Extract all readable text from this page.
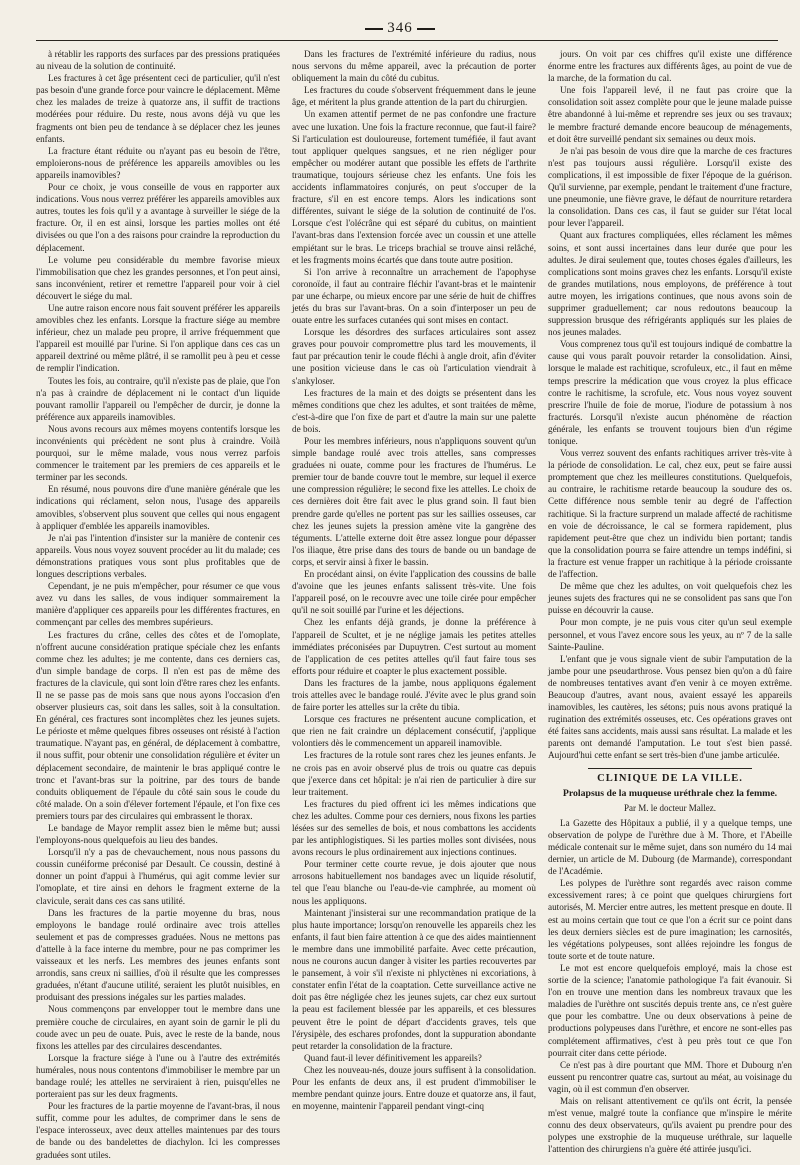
346

à rétablir les rapports des surfaces par des pressions pratiquées au niveau de la solution de continuité.

Les fractures à cet âge présentent ceci de particulier, qu'il n'est pas besoin d'une grande force pour vaincre le déplacement. Même chez les malades de treize à quatorze ans, il suffit de tractions modérées pour réduire. Du reste, nous avons déjà vu que les fragments ont bien peu de tendance à se déplacer chez les jeunes enfants.

La fracture étant réduite ou n'ayant pas eu besoin de l'être, emploierons-nous de préférence les appareils amovibles ou les appareils inamovibles?

Pour ce choix, je vous conseille de vous en rapporter aux indications. Vous nous verrez préférer les appareils amovibles aux autres, toutes les fois qu'il y a avantage à surveiller le siége de la fracture. Or, il en est ainsi, lorsque les parties molles ont été divisées ou que l'on a des raisons pour craindre la reproduction du déplacement.

Le volume peu considérable du membre favorise mieux l'immobilisation que chez les grandes personnes, et l'on peut ainsi, sans inconvénient, retirer et remettre l'appareil pour voir à ciel découvert le siége du mal.

Une autre raison encore nous fait souvent préférer les appareils amovibles chez les enfants. Lorsque la fracture siége au membre inférieur, chez un malade peu propre, il arrive fréquemment que l'appareil est mouillé par l'urine. Si l'on applique dans ces cas un appareil dextriné ou même plâtré, il se ramollit peu à peu et cesse de remplir l'indication.

Toutes les fois, au contraire, qu'il n'existe pas de plaie, que l'on n'a pas à craindre de déplacement ni le contact d'un liquide pouvant ramollir l'appareil ou l'empêcher de durcir, je donne la préférence aux appareils inamovibles.

Nous avons recours aux mêmes moyens contentifs lorsque les inconvénients qui précèdent ne sont plus à craindre. Voilà pourquoi, sur le même malade, vous nous verrez parfois commencer le traitement par les premiers de ces appareils et le terminer par les seconds.

En résumé, nous pouvons dire d'une manière générale que les indications qui réclament, selon nous, l'usage des appareils amovibles, s'observent plus souvent que celles qui nous engagent à appliquer d'emblée les appareils inamovibles.

Je n'ai pas l'intention d'insister sur la manière de contenir ces appareils. Vous nous voyez souvent procéder au lit du malade; ces démonstrations pratiques vous sont plus profitables que de longues descriptions verbales.

Cependant, je ne puis m'empêcher, pour résumer ce que vous avez vu dans les salles, de vous indiquer sommairement la manière d'appliquer ces appareils pour les différentes fractures, en commençant par celles des membres supérieurs.

Les fractures du crâne, celles des côtes et de l'omoplate, n'offrent aucune considération pratique spéciale chez les enfants comme chez les adultes; je me contente, dans ces derniers cas, d'un simple bandage de corps. Il n'en est pas de même des fractures de la clavicule, qui sont loin d'être rares chez les enfants. Il ne se passe pas de mois sans que nous ayons l'occasion d'en observer plusieurs cas, soit dans les salles, soit à la consultation. En général, ces fractures sont incomplètes chez les jeunes sujets. Le périoste et même quelques fibres osseuses ont résisté à l'action traumatique. N'ayant pas, en général, de déplacement à combattre, il nous suffit, pour obtenir une consolidation régulière et éviter un déplacement secondaire, de maintenir le bras appliqué contre le tronc et l'avant-bras sur la poitrine, par des tours de bande conduits obliquement de l'épaule du côté sain sous le coude du côté malade. On a soin d'élever fortement l'épaule, et l'on fixe ces premiers tours par des circulaires qui embrassent le thorax.

Le bandage de Mayor remplit assez bien le même but; aussi l'employons-nous quelquefois au lieu des bandes.

Lorsqu'il n'y a pas de chevauchement, nous nous passons du coussin cunéiforme préconisé par Desault. Ce coussin, destiné à donner un point d'appui à l'humérus, qui agit comme levier sur l'omoplate, et tire ainsi en dehors le fragment externe de la clavicule, serait dans ces cas sans utilité.

Dans les fractures de la partie moyenne du bras, nous employons le bandage roulé ordinaire avec trois attelles seulement et pas de compresses graduées. Nous ne mettons pas d'attelle à la face interne du membre, pour ne pas comprimer les vaisseaux et les nerfs. Les membres des jeunes enfants sont arrondis, sans creux ni saillies, d'où il résulte que les compresses graduées, n'étant d'aucune utilité, seraient les plutôt nuisibles, en produisant des pressions inégales sur les parties malades.

Nous commençons par envelopper tout le membre dans une première couche de circulaires, en ayant soin de garnir le pli du coude avec un peu de ouate. Puis, avec le reste de la bande, nous fixons les attelles par des circulaires descendantes.

Lorsque la fracture siége à l'une ou à l'autre des extrémités humérales, nous nous contentons d'immobiliser le membre par un bandage roulé; les attelles ne serviraient à rien, puisqu'elles ne porteraient pas sur les deux fragments.

Pour les fractures de la partie moyenne de l'avant-bras, il nous suffit, comme pour les adultes, de comprimer dans le sens de l'espace interosseux, avec deux attelles maintenues par des tours de bande ou des bandelettes de diachylon. Ici les compresses graduées sont utiles.

Dans les fractures de l'extrémité inférieure du radius, nous nous servons du même appareil, avec la précaution de porter obliquement la main du côté du cubitus.

Les fractures du coude s'observent fréquemment dans le jeune âge, et méritent la plus grande attention de la part du chirurgien.

Un examen attentif permet de ne pas confondre une fracture avec une luxation. Une fois la fracture reconnue, que faut-il faire? Si l'articulation est douloureuse, fortement tuméfiée, il faut avant tout appliquer quelques sangsues, et ne rien négliger pour empêcher ou modérer autant que possible les effets de l'arthrite traumatique, toujours sérieuse chez les enfants. Une fois les accidents inflammatoires conjurés, on peut s'occuper de la fracture, s'il en est encore temps. Alors les indications sont différentes, suivant le siége de la solution de continuité de l'os. Lorsque c'est l'olécrâne qui est séparé du cubitus, on maintient l'avant-bras dans l'extension forcée avec un coussin et une attelle empiétant sur le bras. Le triceps brachial se trouve ainsi relâché, et les fragments moins écartés que dans toute autre position.

Si l'on arrive à reconnaître un arrachement de l'apophyse coronoïde, il faut au contraire fléchir l'avant-bras et le maintenir par une écharpe, ou mieux encore par une série de huit de chiffres jetés du bras sur l'avant-bras. On a soin d'interposer un peu de ouate entre les surfaces cutanées qui sont mises en contact.

Lorsque les désordres des surfaces articulaires sont assez graves pour pouvoir compromettre plus tard les mouvements, il faut par précaution tenir le coude fléchi à angle droit, afin d'éviter une position vicieuse dans le cas où l'articulation viendrait à s'ankyloser.

Les fractures de la main et des doigts se présentent dans les mêmes conditions que chez les adultes, et sont traitées de même, c'est-à-dire que l'on fixe de part et d'autre la main sur une palette de bois.

Pour les membres inférieurs, nous n'appliquons souvent qu'un simple bandage roulé avec trois attelles, sans compresses graduées ni ouate, comme pour les fractures de l'humérus. Le premier tour de bande couvre tout le membre, sur lequel il exerce une compression régulière; le second fixe les attelles. Le choix de ces dernières doit être fait avec le plus grand soin. Il faut bien prendre garde qu'elles ne portent pas sur les saillies osseuses, car chez les jeunes sujets la pression amène vite la gangrène des téguments. L'attelle externe doit être assez longue pour dépasser l'os iliaque, être prise dans des tours de bande ou un bandage de corps, et servir ainsi à fixer le bassin.

En procédant ainsi, on évite l'application des coussins de balle d'avoine que les jeunes enfants salissent très-vite. Une fois l'appareil posé, on le recouvre avec une toile cirée pour empêcher qu'il ne soit souillé par l'urine et les déjections.

Chez les enfants déjà grands, je donne la préférence à l'appareil de Scultet, et je ne néglige jamais les petites attelles immédiates préconisées par Dupuytren. C'est surtout au moment de l'application de ces petites attelles qu'il faut faire tous ses efforts pour réduire et coapter le plus exactement possible.

Dans les fractures de la jambe, nous appliquons également trois attelles avec le bandage roulé. J'évite avec le plus grand soin de faire porter les attelles sur la crête du tibia.

Lorsque ces fractures ne présentent aucune complication, et que rien ne fait craindre un déplacement consécutif, j'applique volontiers dès le commencement un appareil inamovible.

Les fractures de la rotule sont rares chez les jeunes enfants. Je ne crois pas en avoir observé plus de trois ou quatre cas depuis que j'exerce dans cet hôpital: je n'ai rien de particulier à dire sur leur traitement.

Les fractures du pied offrent ici les mêmes indications que chez les adultes. Comme pour ces derniers, nous fixons les parties lésées sur des semelles de bois, et nous combattons les accidents par les antiphlogistiques. Si les parties molles sont divisées, nous avons recours le plus ordinairement aux injections continues.

Pour terminer cette courte revue, je dois ajouter que nous arrosons habituellement nos bandages avec un liquide résolutif, tel que l'eau blanche ou l'eau-de-vie camphrée, au moment où nous les appliquons.

Maintenant j'insisterai sur une recommandation pratique de la plus haute importance; lorsqu'on renouvelle les appareils chez les enfants, il faut bien faire attention à ce que des aides maintiennent le membre dans une immobilité parfaite. Avec cette précaution, nous ne courons aucun danger à visiter les parties recouvertes par le pansement, à voir s'il n'existe ni phlyctènes ni excoriations, à constater enfin l'état de la coaptation. Cette surveillance active ne doit pas être négligée chez les jeunes sujets, car chez eux surtout la peau est facilement blessée par les appareils, et ces blessures peuvent être le point de départ d'accidents graves, tels que l'érysipèle, des eschares profondes, dont la suppuration abondante peut retarder la consolidation de la fracture.

Quand faut-il lever définitivement les appareils?

Chez les nouveau-nés, douze jours suffisent à la consolidation. Pour les enfants de deux ans, il est prudent d'immobiliser le membre pendant quinze jours. Entre douze et quatorze ans, il faut, en moyenne, maintenir l'appareil pendant vingt-cinq

jours. On voit par ces chiffres qu'il existe une différence énorme entre les fractures aux différents âges, au point de vue de la marche, de la formation du cal.

Une fois l'appareil levé, il ne faut pas croire que la consolidation soit assez complète pour que le jeune malade puisse être abandonné à lui-même et reprendre ses jeux ou ses travaux; le membre fracturé demande encore beaucoup de ménagements, et doit être surveillé pendant six semaines ou deux mois.

Je n'ai pas besoin de vous dire que la marche de ces fractures n'est pas toujours aussi régulière. Lorsqu'il existe des complications, il est impossible de fixer l'époque de la guérison. Qu'il survienne, par exemple, pendant le traitement d'une fracture, une pneumonie, une fièvre grave, le défaut de nourriture retardera la consolidation. Dans ces cas, il faut se guider sur l'état local pour lever l'appareil.

Quant aux fractures compliquées, elles réclament les mêmes soins, et sont aussi incertaines dans leur durée que pour les adultes. Je dirai seulement que, toutes choses égales d'ailleurs, les complications sont moins graves chez les enfants. Lorsqu'il existe de grandes mutilations, nous employons, de préférence à tout autre moyen, les irrigations continues, que nous avons soin de supprimer graduellement; car nous redoutons beaucoup la suppression brusque des réfrigérants appliqués sur les plaies de nos jeunes malades.

Vous comprenez tous qu'il est toujours indiqué de combattre la cause qui vous paraît pouvoir retarder la consolidation. Ainsi, lorsque le malade est rachitique, scrofuleux, etc., il faut en même temps prescrire la médication que vous croyez la plus efficace contre le rachitisme, la scrofule, etc. Vous nous voyez souvent prescrire l'huile de foie de morue, l'iodure de potassium à nos fracturés. Lorsqu'il n'existe aucun phénomène de réaction générale, les enfants se trouvent toujours bien d'un régime tonique.

Vous verrez souvent des enfants rachitiques arriver très-vite à la période de consolidation. Le cal, chez eux, peut se faire aussi promptement que chez les meilleures constitutions. Quelquefois, au contraire, le rachitisme retarde beaucoup la soudure des os. Cette différence nous semble tenir au degré de l'affection rachitique. Si la fracture surprend un malade affecté de rachitisme en voie de décroissance, le cal se formera rapidement, plus rapidement peut-être que chez un individu bien portant; tandis que la consolidation pourra se faire attendre un temps indéfini, si la fracture est venue frapper un rachitique à la période croissante de l'affection.

De même que chez les adultes, on voit quelquefois chez les jeunes sujets des fractures qui ne se consolident pas sans que l'on puisse en découvrir la cause.

Pour mon compte, je ne puis vous citer qu'un seul exemple personnel, et vous l'avez encore sous les yeux, au nº 7 de la salle Sainte-Pauline.

L'enfant que je vous signale vient de subir l'amputation de la jambe pour une pseudarthrose. Vous pensez bien qu'on a dû faire de nombreuses tentatives avant d'en venir à ce moyen extrême. Beaucoup d'autres, avant nous, avaient essayé les appareils inamovibles, les cautères, les sétons; puis nous avons pratiqué la rugination des extrémités osseuses, etc. Ces opérations graves ont été faites sans accidents, mais aussi sans résultat. La malade et les parents ont demandé l'amputation. Le tout s'est bien passé. Aujourd'hui cette enfant se sert très-bien d'une jambe articulée.

CLINIQUE DE LA VILLE.
Prolapsus de la muqueuse uréthrale chez la femme.
Par M. le docteur Mallez.

La Gazette des Hôpitaux a publié, il y a quelque temps, une observation de polype de l'urèthre due à M. Thore, et l'Abeille médicale contenait sur le même sujet, dans son numéro du 14 mai dernier, un article de M. Dubourg (de Marmande), correspondant de l'Académie.

Les polypes de l'urèthre sont regardés avec raison comme excessivement rares; à ce point que quelques chirurgiens fort autorisés, M. Mercier entre autres, les mettent presque en doute. Il est au moins certain que tout ce que l'on a écrit sur ce point dans les deux derniers siècles est de pure imagination; les carnosités, les végétations polypeuses, sont allées rejoindre les fongus de toute sorte et de toute nature.

Le mot est encore quelquefois employé, mais la chose est sortie de la science; l'anatomie pathologique l'a fait évanouir. Si l'on en trouve une mention dans les nombreux travaux que les maladies de l'urèthre ont suscités depuis trente ans, ce n'est guère que pour les combattre. Une ou deux observations à peine de productions polypeuses dans l'urèthre, et encore ne sont-elles pas complétement affirmatives, c'est à peu près tout ce que l'on pourrait citer dans cette période.

Ce n'est pas à dire pourtant que MM. Thore et Dubourg n'en eussent pu rencontrer quatre cas, surtout au méat, au voisinage du vagin, où il est commun d'en observer.

Mais on relisant attentivement ce qu'ils ont écrit, la pensée m'est venue, malgré toute la confiance que m'inspire le mérite connu des deux observateurs, qu'ils avaient pu prendre pour des polypes une exstrophie de la muqueuse uréthrale, sur laquelle l'attention des chirurgiens n'a guère été attirée jusqu'ici.
